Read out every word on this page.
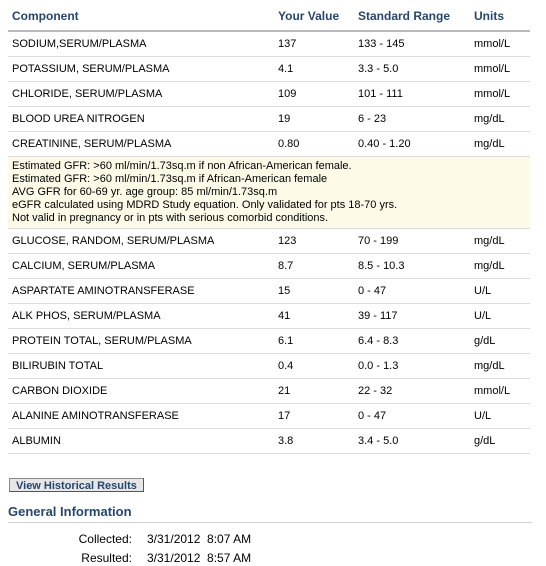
Component	Your Value	Standard Range	Units
SODIUM,SERUM/PLASMA	137	133 - 145	mmol/L
POTASSIUM, SERUM/PLASMA	4.1	3.3 - 5.0	mmol/L
CHLORIDE, SERUM/PLASMA	109	101 - 111	mmol/L
BLOOD UREA NITROGEN	19	6 - 23	mg/dL
CREATININE, SERUM/PLASMA	0.80	0.40 - 1.20	mg/dL

Estimated GFR: >60 ml/min/1.73sq.m if non African-American female.
Estimated GFR: >60 ml/min/1.73sq.m if African-American female
AVG GFR for 60-69 yr. age group: 85 ml/min/1.73sq.m
eGFR calculated using MDRD Study equation. Only validated for pts 18-70 yrs.
Not valid in pregnancy or in pts with serious comorbid conditions.			

GLUCOSE, RANDOM, SERUM/PLASMA	123	70 - 199	mg/dL
CALCIUM, SERUM/PLASMA	8.7	8.5 - 10.3	mg/dL
ASPARTATE AMINOTRANSFERASE	15	0 - 47	U/L
ALK PHOS, SERUM/PLASMA	41	39 - 117	U/L
PROTEIN TOTAL, SERUM/PLASMA	6.1	6.4 - 8.3	g/dL
BILIRUBIN TOTAL	0.4	0.0 - 1.3	mg/dL
CARBON DIOXIDE	21	22 - 32	mmol/L
ALANINE AMINOTRANSFERASE	17	0 - 47	U/L
ALBUMIN	3.8	3.4 - 5.0	g/dL
View Historical Results
General Information
Collected: 3/31/2012  8:07 AM
Resulted: 3/31/2012  8:57 AM
